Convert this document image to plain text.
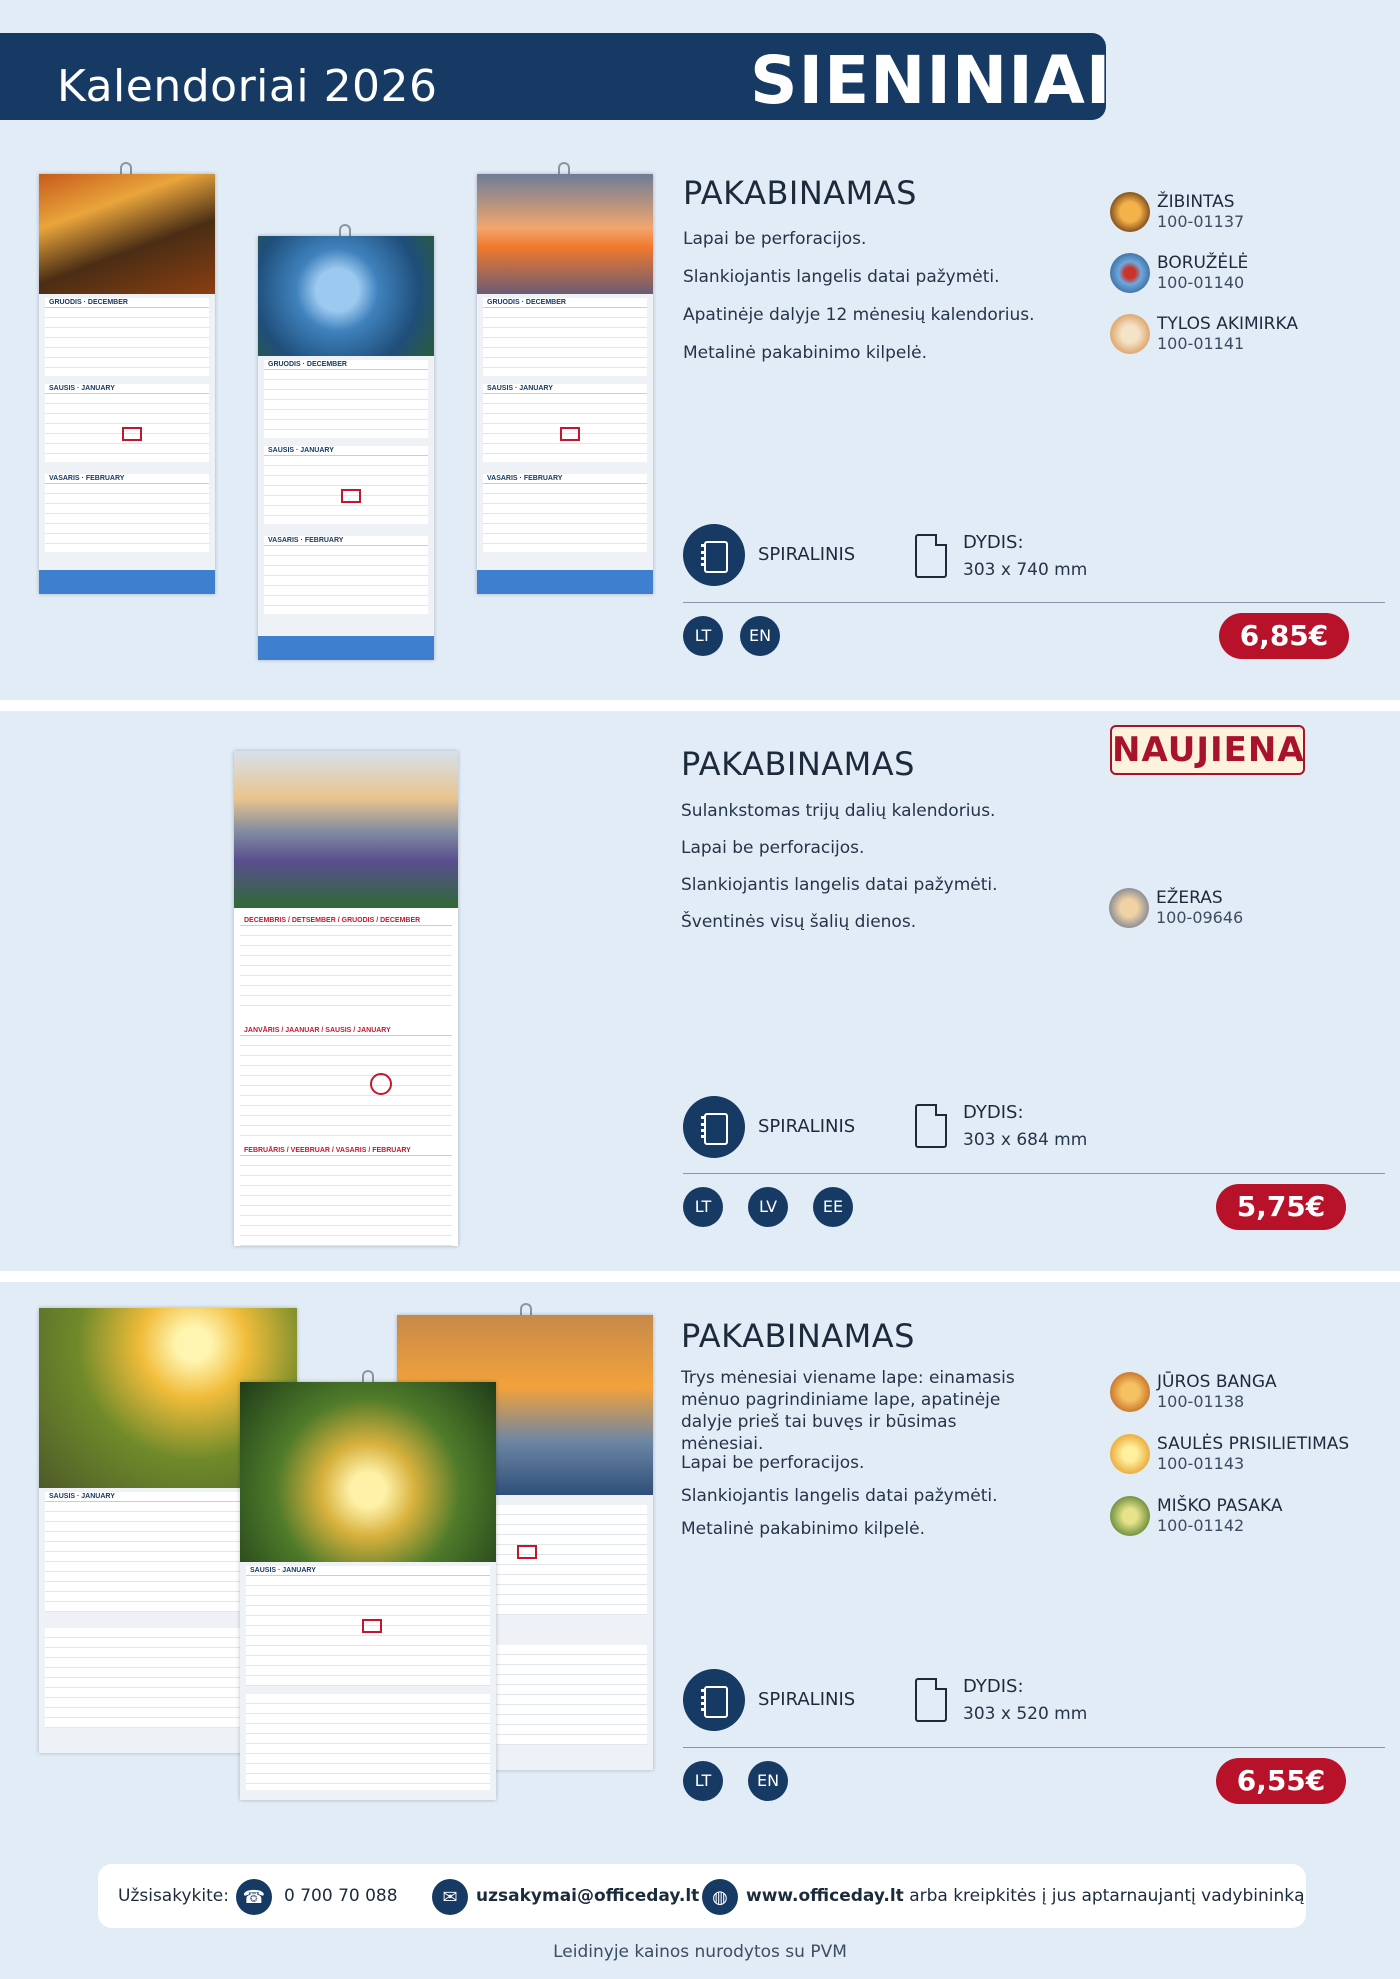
Kalendoriai 2026	SIENINIAI
GRUODIS · DECEMBER
SAUSIS · JANUARY
VASARIS · FEBRUARY
GRUODIS · DECEMBER
SAUSIS · JANUARY
VASARIS · FEBRUARY
GRUODIS · DECEMBER
SAUSIS · JANUARY
VASARIS · FEBRUARY
PAKABINAMAS
Lapai be perforacijos.
Slankiojantis langelis datai pažymėti.
Apatinėje dalyje 12 mėnesių kalendorius.
Metalinė pakabinimo kilpelė.
ŽIBINTAS
100-01137
BORUŽĖLĖ
100-01140
TYLOS AKIMIRKA
100-01141
SPIRALINIS
DYDIS:
303 x 740 mm
LT	EN	6,85€
DECEMBRIS / DETSEMBER / GRUODIS / DECEMBER
JANVĀRIS / JAANUAR / SAUSIS / JANUARY
FEBRUĀRIS / VEEBRUAR / VASARIS / FEBRUARY
NAUJIENA
PAKABINAMAS
Sulankstomas trijų dalių kalendorius.
Lapai be perforacijos.
Slankiojantis langelis datai pažymėti.
Šventinės visų šalių dienos.
EŽERAS
100-09646
SPIRALINIS
DYDIS:
303 x 684 mm
LT	LV	EE	5,75€
SAUSIS · JANUARY
SAUSIS · JANUARY
PAKABINAMAS
Trys mėnesiai viename lape: einamasis mėnuo pagrindiniame lape, apatinėje dalyje prieš tai buvęs ir būsimas mėnesiai.
Lapai be perforacijos.
Slankiojantis langelis datai pažymėti.
Metalinė pakabinimo kilpelė.
JŪROS BANGA
100-01138
SAULĖS PRISILIETIMAS
100-01143
MIŠKO PASAKA
100-01142
SPIRALINIS
DYDIS:
303 x 520 mm
LT	EN	6,55€
Užsisakykite: ☎	0 700 70 088	✉	uzsakymai@officeday.lt ◍	www.officeday.lt arba kreipkitės į jus aptarnaujantį vadybininką
Leidinyje kainos nurodytos su PVM
